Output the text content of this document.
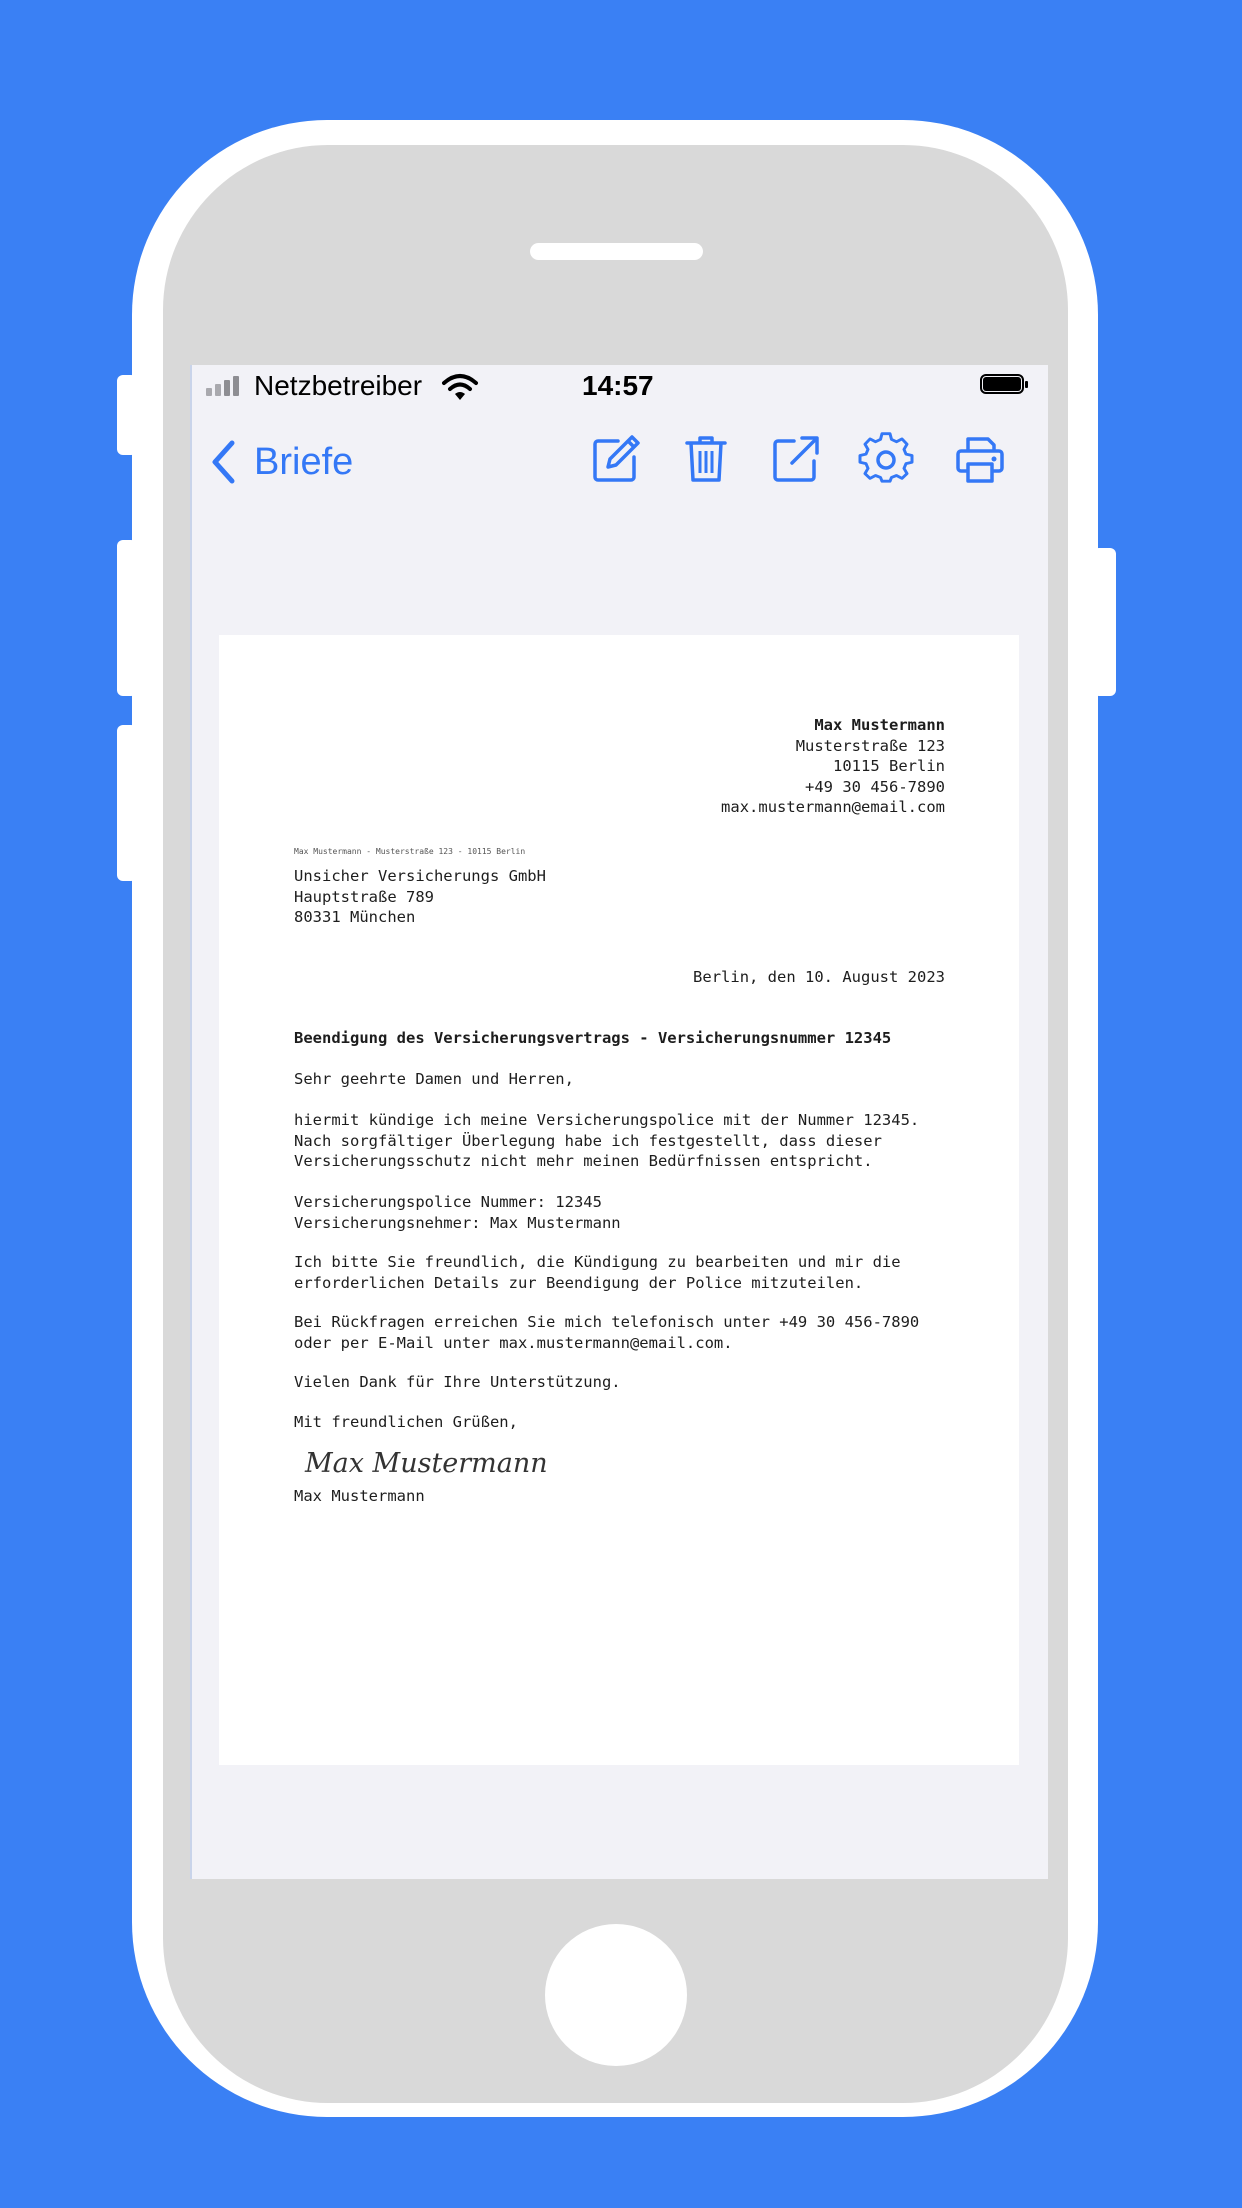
Netzbetreiber	14:57
Briefe
Max Mustermann
Musterstraße 123
10115 Berlin
+49 30 456-7890
max.mustermann@email.com
Max Mustermann - Musterstraße 123 - 10115 Berlin
Unsicher Versicherungs GmbH
Hauptstraße 789
80331 München
Berlin, den 10. August 2023
Beendigung des Versicherungsvertrags - Versicherungsnummer 12345
Sehr geehrte Damen und Herren,
hiermit kündige ich meine Versicherungspolice mit der Nummer 12345.
Nach sorgfältiger Überlegung habe ich festgestellt, dass dieser
Versicherungsschutz nicht mehr meinen Bedürfnissen entspricht.
Versicherungspolice Nummer: 12345
Versicherungsnehmer: Max Mustermann
Ich bitte Sie freundlich, die Kündigung zu bearbeiten und mir die
erforderlichen Details zur Beendigung der Police mitzuteilen.
Bei Rückfragen erreichen Sie mich telefonisch unter +49 30 456-7890
oder per E-Mail unter max.mustermann@email.com.
Vielen Dank für Ihre Unterstützung.
Mit freundlichen Grüßen,
Max Mustermann
Max Mustermann
